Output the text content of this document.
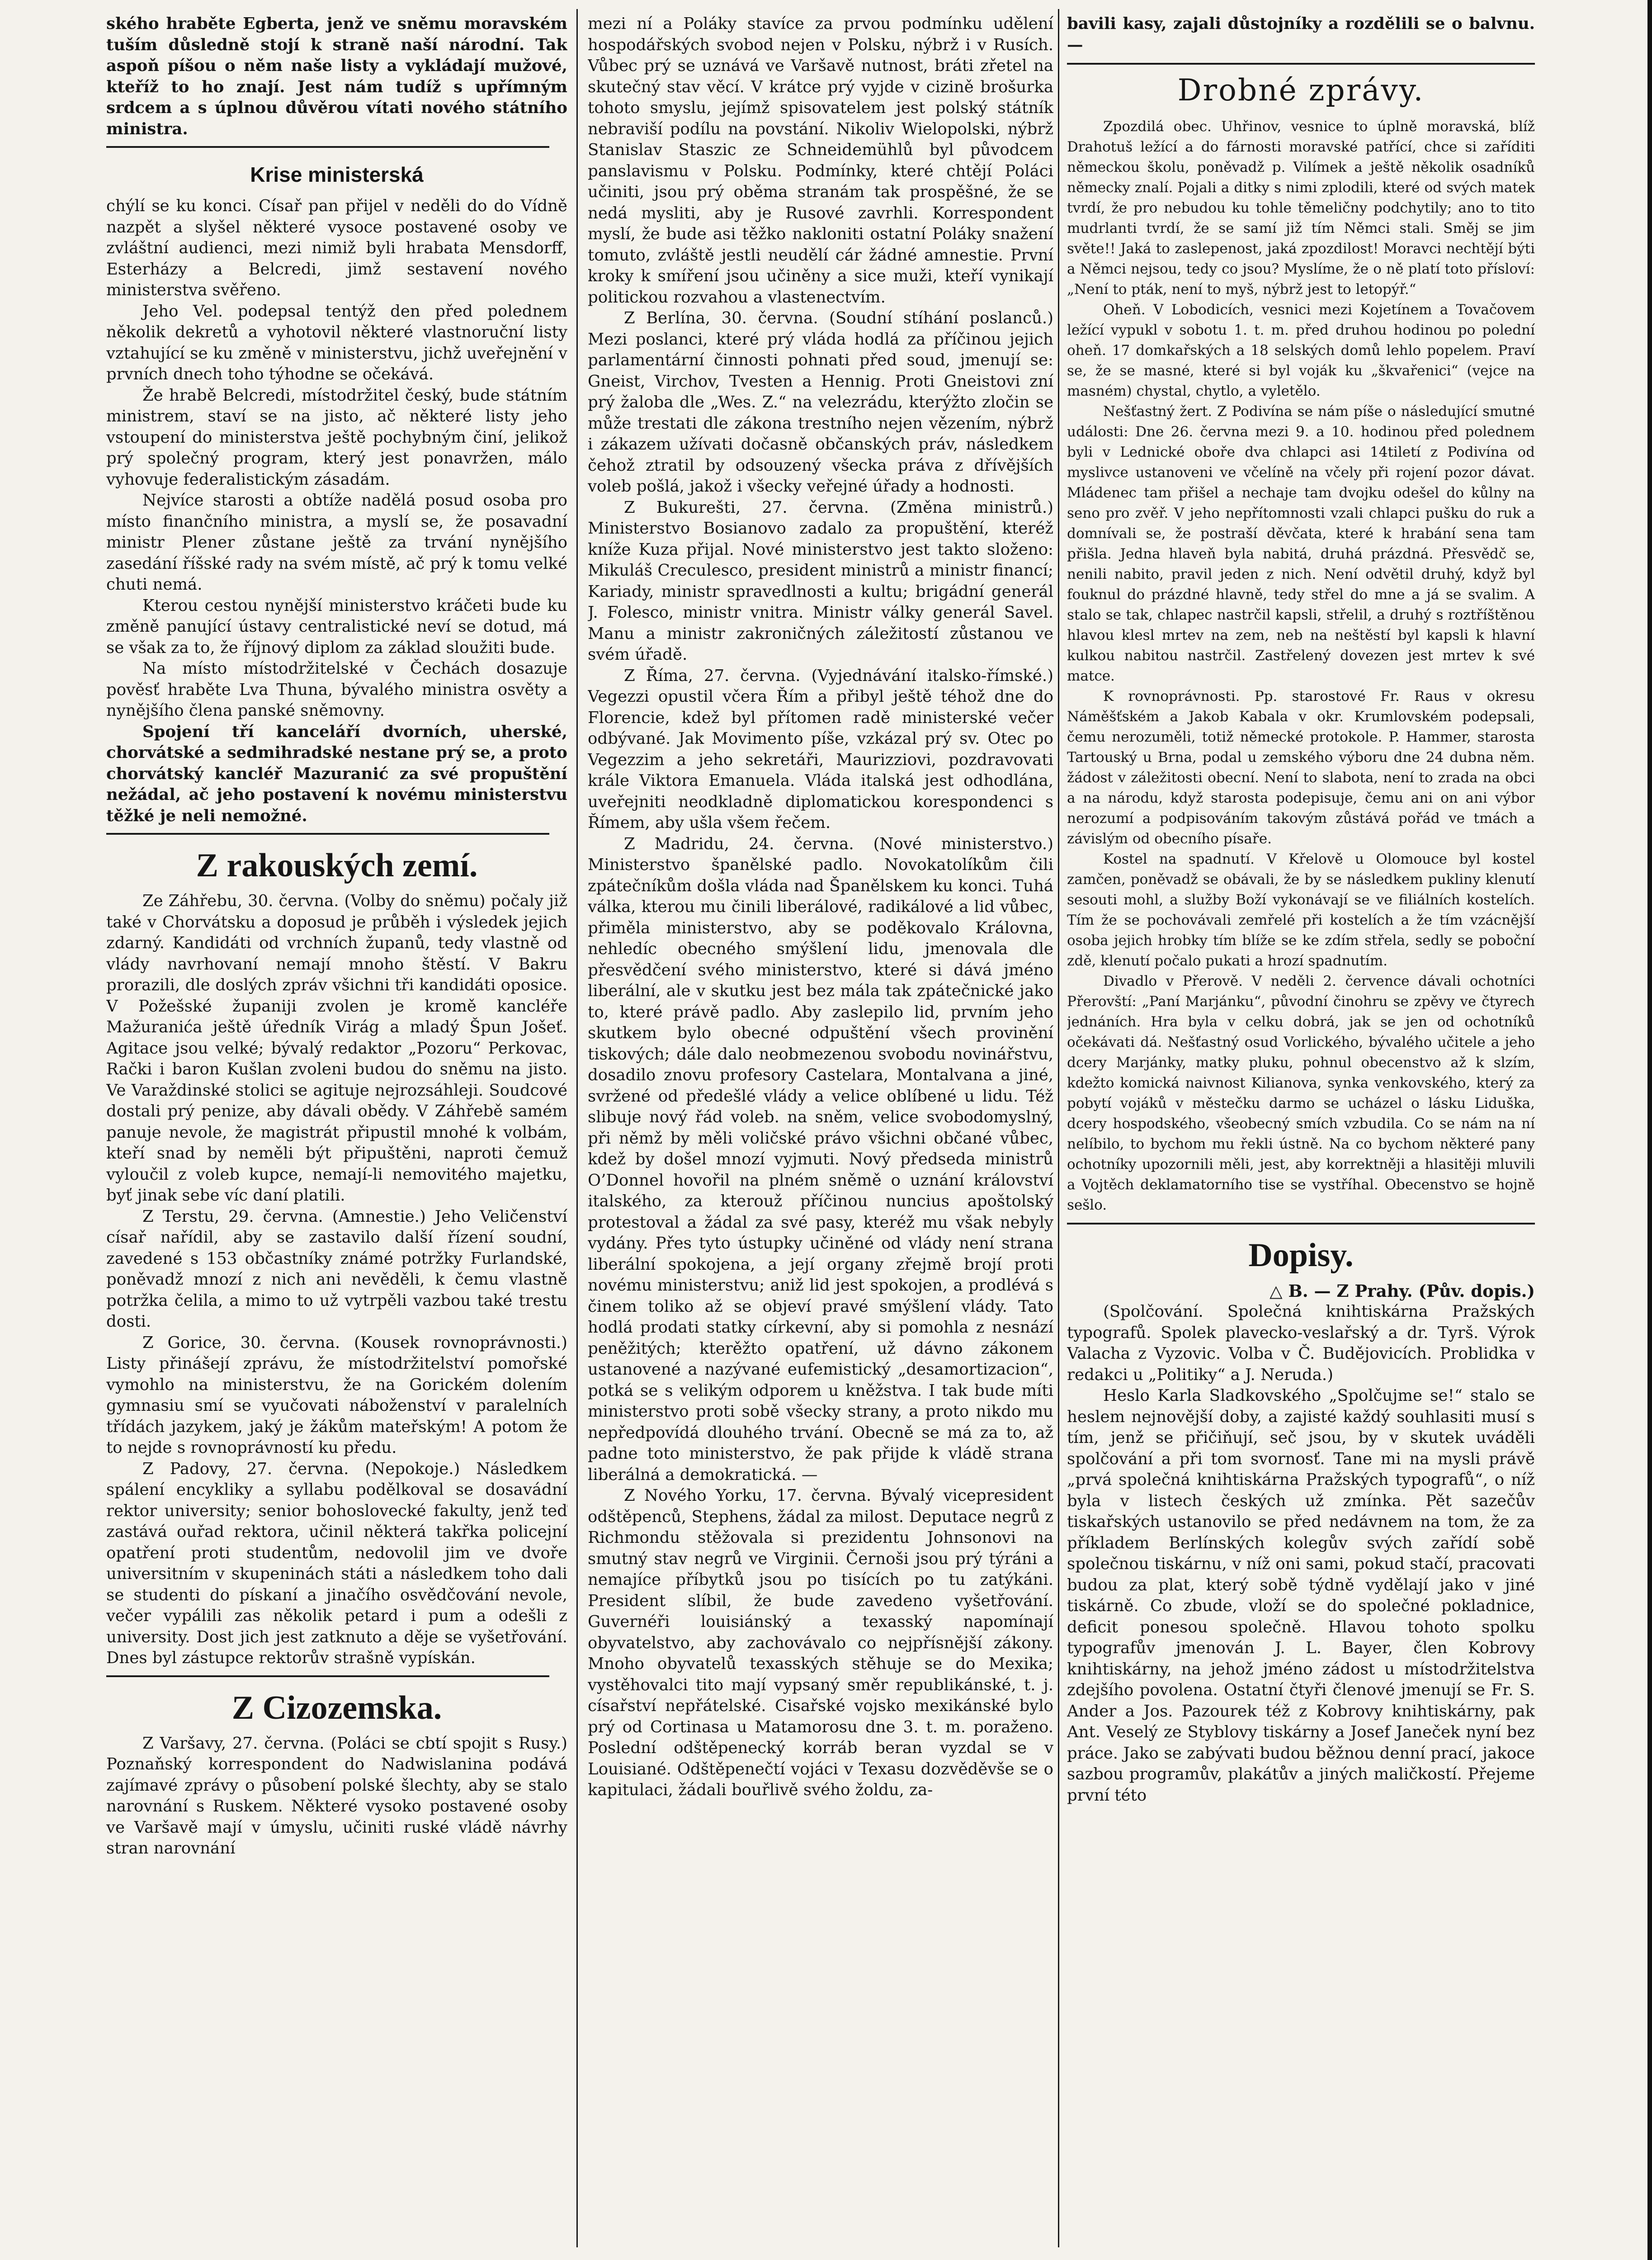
ského hraběte Egberta, jenž ve sněmu moravském tuším důsledně stojí k straně naší národní. Tak aspoň píšou o něm naše listy a vykládají mužové, kteříž to ho znají. Jest nám tudíž s upřímným srdcem a s úplnou důvěrou vítati nového státního ministra.

Krise ministerská

chýlí se ku konci. Císař pan přijel v neděli do do Vídně nazpět a slyšel některé vysoce postavené osoby ve zvláštní audienci, mezi nimiž byli hrabata Mensdorff, Esterházy a Belcredi, jimž sestavení nového ministerstva svěřeno.

Jeho Vel. podepsal tentýž den před polednem několik dekretů a vyhotovil některé vlastnoruční listy vztahující se ku změně v ministerstvu, jichž uveřejnění v prvních dnech toho týhodne se očekává.

Že hrabě Belcredi, místodržitel český, bude státním ministrem, staví se na jisto, ač některé listy jeho vstoupení do ministerstva ještě pochybným činí, jelikož prý společný program, který jest ponavržen, málo vyhovuje federalistickým zásadám.

Nejvíce starosti a obtíže nadělá posud osoba pro místo finančního ministra, a myslí se, že posavadní ministr Plener zůstane ještě za trvání nynějšího zasedání říšské rady na svém místě, ač prý k tomu velké chuti nemá.

Kterou cestou nynější ministerstvo kráčeti bude ku změně panující ústavy centralistické neví se dotud, má se však za to, že říjnový diplom za základ sloužiti bude.

Na místo místodržitelské v Čechách dosazuje pověsť hraběte Lva Thuna, bývalého ministra osvěty a nynějšího člena panské sněmovny.

Spojení tří kanceláří dvorních, uherské, chorvátské a sedmihradské nestane prý se, a proto chorvátský kancléř Mazuranić za své propuštění nežádal, ač jeho postavení k novému ministerstvu těžké je neli nemožné.

Z rakouských zemí.

Ze Záhřebu, 30. června. (Volby do sněmu) počaly již také v Chorvátsku a doposud je průběh i výsledek jejich zdarný. Kandidáti od vrchních županů, tedy vlastně od vlády navrhovaní nemají mnoho štěstí. V Bakru prorazili, dle doslých zpráv všichni tři kandidáti oposice. V Požešské županiji zvolen je kromě kancléře Mažuranića ještě úředník Virág a mladý Špun Jošeť. Agitace jsou velké; bývalý redaktor „Pozoru“ Perkovac, Rački i baron Kušlan zvoleni budou do sněmu na jisto. Ve Varaždinské stolici se agituje nejrozsáhleji. Soudcové dostali prý penize, aby dávali obědy. V Záhřebě samém panuje nevole, že magistrát připustil mnohé k volbám, kteří snad by neměli být připuštěni, naproti čemuž vyloučil z voleb kupce, nemají-li nemovitého majetku, byť jinak sebe víc daní platili.

Z Terstu, 29. června. (Amnestie.) Jeho Veličenství císař nařídil, aby se zastavilo další řízení soudní, zavedené s 153 občastníky známé potržky Furlandské, poněvadž mnozí z nich ani nevěděli, k čemu vlastně potržka čelila, a mimo to už vytrpěli vazbou také trestu dosti.

Z Gorice, 30. června. (Kousek rovnoprávnosti.) Listy přinášejí zprávu, že místodržitelství pomořské vymohlo na ministerstvu, že na Gorickém dolením gymnasiu smí se vyučovati náboženství v paralelních třídách jazykem, jaký je žákům mateřským! A potom že to nejde s rovnoprávností ku předu.

Z Padovy, 27. června. (Nepokoje.) Následkem spálení encykliky a syllabu podělkoval se dosavádní rektor university; senior bohoslovecké fakulty, jenž teď zastává ouřad rektora, učinil některá takřka policejní opatření proti studentům, nedovolil jim ve dvoře universitním v skupeninách státi a následkem toho dali se studenti do pískaní a jinačího osvědčování nevole, večer vypálili zas několik petard i pum a odešli z university. Dost jich jest zatknuto a děje se vyšetřování. Dnes byl zástupce rektorův strašně vypískán.

Z Cizozemska.

Z Varšavy, 27. června. (Poláci se cbtí spojit s Rusy.) Poznaňský korrespondent do Nadwislanina podává zajímavé zprávy o působení polské šlechty, aby se stalo narovnání s Ruskem. Některé vysoko postavené osoby ve Varšavě mají v úmyslu, učiniti ruské vládě návrhy stran narovnání

mezi ní a Poláky stavíce za prvou podmínku udělení hospodářských svobod nejen v Polsku, nýbrž i v Rusích. Vůbec prý se uznává ve Varšavě nutnost, bráti zřetel na skutečný stav věcí. V krátce prý vyjde v cizině brošurka tohoto smyslu, jejímž spisovatelem jest polský státník nebraviší podílu na povstání. Nikoliv Wielopolski, nýbrž Stanislav Staszic ze Schneidemühlů byl původcem panslavismu v Polsku. Podmínky, které chtějí Poláci učiniti, jsou prý oběma stranám tak prospěšné, že se nedá mysliti, aby je Rusové zavrhli. Korrespondent myslí, že bude asi těžko nakloniti ostatní Poláky snažení tomuto, zvláště jestli neudělí cár žádné amnestie. První kroky k smíření jsou učiněny a sice muži, kteří vynikají politickou rozvahou a vlastenectvím.

Z Berlína, 30. června. (Soudní stíhání poslanců.) Mezi poslanci, které prý vláda hodlá za příčinou jejich parlamentární činnosti pohnati před soud, jmenují se: Gneist, Virchov, Tvesten a Hennig. Proti Gneistovi zní prý žaloba dle „Wes. Z.“ na velezrádu, kterýžto zločin se může trestati dle zákona trestního nejen vězením, nýbrž i zákazem užívati dočasně občanských práv, následkem čehož ztratil by odsouzený všecka práva z dřívějších voleb pošlá, jakož i všecky veřejné úřady a hodnosti.

Z Bukurešti, 27. června. (Změna ministrů.) Ministerstvo Bosianovo zadalo za propuštění, kteréž kníže Kuza přijal. Nové ministerstvo jest takto složeno: Mikuláš Creculesco, president ministrů a ministr financí; Kariady, ministr spravedlnosti a kultu; brigádní generál J. Folesco, ministr vnitra. Ministr války generál Savel. Manu a ministr zakroničných záležitostí zůstanou ve svém úřadě.

Z Říma, 27. června. (Vyjednávání italsko-římské.) Vegezzi opustil včera Řím a přibyl ještě téhož dne do Florencie, kdež byl přítomen radě ministerské večer odbývané. Jak Movimento píše, vzkázal prý sv. Otec po Vegezzim a jeho sekretáři, Maurizziovi, pozdravovati krále Viktora Emanuela. Vláda italská jest odhodlána, uveřejniti neodkladně diplomatickou korespondenci s Římem, aby ušla všem řečem.

Z Madridu, 24. června. (Nové ministerstvo.) Ministerstvo španělské padlo. Novokatolíkům čili zpátečníkům došla vláda nad Španělskem ku konci. Tuhá válka, kterou mu činili liberálové, radikálové a lid vůbec, přiměla ministerstvo, aby se poděkovalo Královna, nehledíc obecného smýšlení lidu, jmenovala dle přesvědčení svého ministerstvo, které si dává jméno liberální, ale v skutku jest bez mála tak zpátečnické jako to, které právě padlo. Aby zaslepilo lid, prvním jeho skutkem bylo obecné odpuštění všech provinění tiskových; dále dalo neobmezenou svobodu novinářstvu, dosadilo znovu profesory Castelara, Montalvana a jiné, svržené od předešlé vlády a velice oblíbené u lidu. Též slibuje nový řád voleb. na sněm, velice svobodomyslný, při němž by měli voličské právo všichni občané vůbec, kdež by došel mnozí vyjmuti. Nový předseda ministrů O’Donnel hovořil na plném sněmě o uznání království italského, za kterouž příčinou nuncius apoštolský protestoval a žádal za své pasy, kteréž mu však nebyly vydány. Přes tyto ústupky učiněné od vlády není strana liberální spokojena, a její organy zřejmě brojí proti novému ministerstvu; aniž lid jest spokojen, a prodlévá s činem toliko až se objeví pravé smýšlení vlády. Tato hodlá prodati statky církevní, aby si pomohla z nesnází peněžitých; kterěžto opatření, už dávno zákonem ustanovené a nazývané eufemistický „desamortizacion“, potká se s velikým odporem u kněžstva. I tak bude míti ministerstvo proti sobě všecky strany, a proto nikdo mu nepředpovídá dlouhého trvání. Obecně se má za to, až padne toto ministerstvo, že pak přijde k vládě strana liberálná a demokratická. —

Z Nového Yorku, 17. června. Bývalý vicepresident odštěpenců, Stephens, žádal za milost. Deputace negrů z Richmondu stěžovala si prezidentu Johnsonovi na smutný stav negrů ve Virginii. Černoši jsou prý týráni a nemajíce příbytků jsou po tisících po tu zatýkáni. President slíbil, že bude zavedeno vyšetřování. Guvernéři louisiánský a texasský napomínají obyvatelstvo, aby zachovávalo co nejpřísnější zákony. Mnoho obyvatelů texasských stěhuje se do Mexika; vystěhovalci tito mají vypsaný směr republikánské, t. j. císařství nepřátelské. Cisařské vojsko mexikánské bylo prý od Cortinasa u Matamorosu dne 3. t. m. poraženo. Poslední odštěpenecký korráb beran vyzdal se v Louisiané. Odštěpenečtí vojáci v Texasu dozvěděvše se o kapitulaci, žádali bouřlivě svého žoldu, za-

bavili kasy, zajali důstojníky a rozdělili se o balvnu. —

Drobné zprávy.

Zpozdilá obec. Uhřinov, vesnice to úplně moravská, blíž Drahotuš ležící a do fárnosti moravské patřící, chce si zaříditi německou školu, poněvadž p. Vilímek a ještě několik osadníků německy znalí. Pojali a ditky s nimi zplodili, které od svých matek tvrdí, že pro nebudou ku tohle těmeličny podchytily; ano to tito mudrlanti tvrdí, že se samí již tím Němci stali. Směj se jim světe!! Jaká to zaslepenost, jaká zpozdilost! Moravci nechtějí býti a Němci nejsou, tedy co jsou? Myslíme, že o ně platí toto přísloví: „Není to pták, není to myš, nýbrž jest to letopýř.“

Oheň. V Lobodicích, vesnici mezi Kojetínem a Tovačovem ležící vypukl v sobotu 1. t. m. před druhou hodinou po polední oheň. 17 domkařských a 18 selských domů lehlo popelem. Praví se, že se masné, které si byl voják ku „škvařenici“ (vejce na masném) chystal, chytlo, a vyletělo.

Nešťastný žert. Z Podivína se nám píše o následující smutné události: Dne 26. června mezi 9. a 10. hodinou před polednem byli v Lednické oboře dva chlapci asi 14tiletí z Podivína od myslivce ustanoveni ve včelíně na včely při rojení pozor dávat. Mládenec tam přišel a nechaje tam dvojku odešel do kůlny na seno pro zvěř. V jeho nepřítomnosti vzali chlapci pušku do ruk a domnívali se, že postraší děvčata, které k hrabání sena tam přišla. Jedna hlaveň byla nabitá, druhá prázdná. Přesvědč se, nenili nabito, pravil jeden z nich. Není odvětil druhý, když byl fouknul do prázdné hlavně, tedy střel do mne a já se svalim. A stalo se tak, chlapec nastrčil kapsli, střelil, a druhý s roztříštěnou hlavou klesl mrtev na zem, neb na neštěstí byl kapsli k hlavní kulkou nabitou nastrčil. Zastřelený dovezen jest mrtev k své matce.

K rovnoprávnosti. Pp. starostové Fr. Raus v okresu Náměšťském a Jakob Kabala v okr. Krumlovském podepsali, čemu nerozuměli, totiž německé protokole. P. Hammer, starosta Tartouský u Brna, podal u zemského výboru dne 24 dubna něm. žádost v záležitosti obecní. Není to slabota, není to zrada na obci a na národu, když starosta podepisuje, čemu ani on ani výbor nerozumí a podpisováním takovým zůstává pořád ve tmách a závislým od obecního písaře.

Kostel na spadnutí. V Křelově u Olomouce byl kostel zamčen, poněvadž se obávali, že by se následkem pukliny klenutí sesouti mohl, a služby Boží vykonávají se ve filiálních kostelích. Tím že se pochovávali zemřelé při kostelích a že tím vzácnější osoba jejich hrobky tím blíže se ke zdím střela, sedly se poboční zdě, klenutí počalo pukati a hrozí spadnutím.

Divadlo v Přerově. V neděli 2. července dávali ochotníci Přerovští: „Paní Marjánku“, původní činohru se zpěvy ve čtyrech jednáních. Hra byla v celku dobrá, jak se jen od ochotníků očekávati dá. Nešťastný osud Vorlického, bývalého učitele a jeho dcery Marjánky, matky pluku, pohnul obecenstvo až k slzím, kdežto komická naivnost Kilianova, synka venkovského, který za pobytí vojáků v městečku darmo se ucházel o lásku Liduška, dcery hospodského, všeobecný smích vzbudila. Co se nám na ní nelíbilo, to bychom mu řekli ústně. Na co bychom některé pany ochotníky upozornili měli, jest, aby korrektněji a hlasitěji mluvili a Vojtěch deklamatorního tise se vystříhal. Obecenstvo se hojně sešlo.

Dopisy.
△ B. — Z Prahy. (Pův. dopis.)

(Spolčování. Společná knihtiskárna Pražských typografů. Spolek plavecko-veslařský a dr. Tyrš. Výrok Valacha z Vyzovic. Volba v Č. Budějovicích. Problidka v redakci u „Politiky“ a J. Neruda.)

Heslo Karla Sladkovského „Spolčujme se!“ stalo se heslem nejnovější doby, a zajisté každý souhlasiti musí s tím, jenž se přičiňují, seč jsou, by v skutek uváděli spolčování a při tom svornosť. Tane mi na mysli právě „prvá společná knihtiskárna Pražských typografů“, o níž byla v listech českých už zmínka. Pět sazečův tiskařských ustanovilo se před nedávnem na tom, že za příkladem Berlínských kolegův svých zařídí sobě společnou tiskárnu, v níž oni sami, pokud stačí, pracovati budou za plat, který sobě týdně vydělají jako v jiné tiskárně. Co zbude, vloží se do společné pokladnice, deficit ponesou společně. Hlavou tohoto spolku typografův jmenován J. L. Bayer, člen Kobrovy knihtiskárny, na jehož jméno zádost u místodržitelstva zdejšího povolena. Ostatní čtyři členové jmenují se Fr. S. Ander a Jos. Pazourek též z Kobrovy knihtiskárny, pak Ant. Veselý ze Styblovy tiskárny a Josef Janeček nyní bez práce. Jako se zabývati budou běžnou denní prací, jakoce sazbou programův, plakátův a jiných maličkostí. Přejeme první této
